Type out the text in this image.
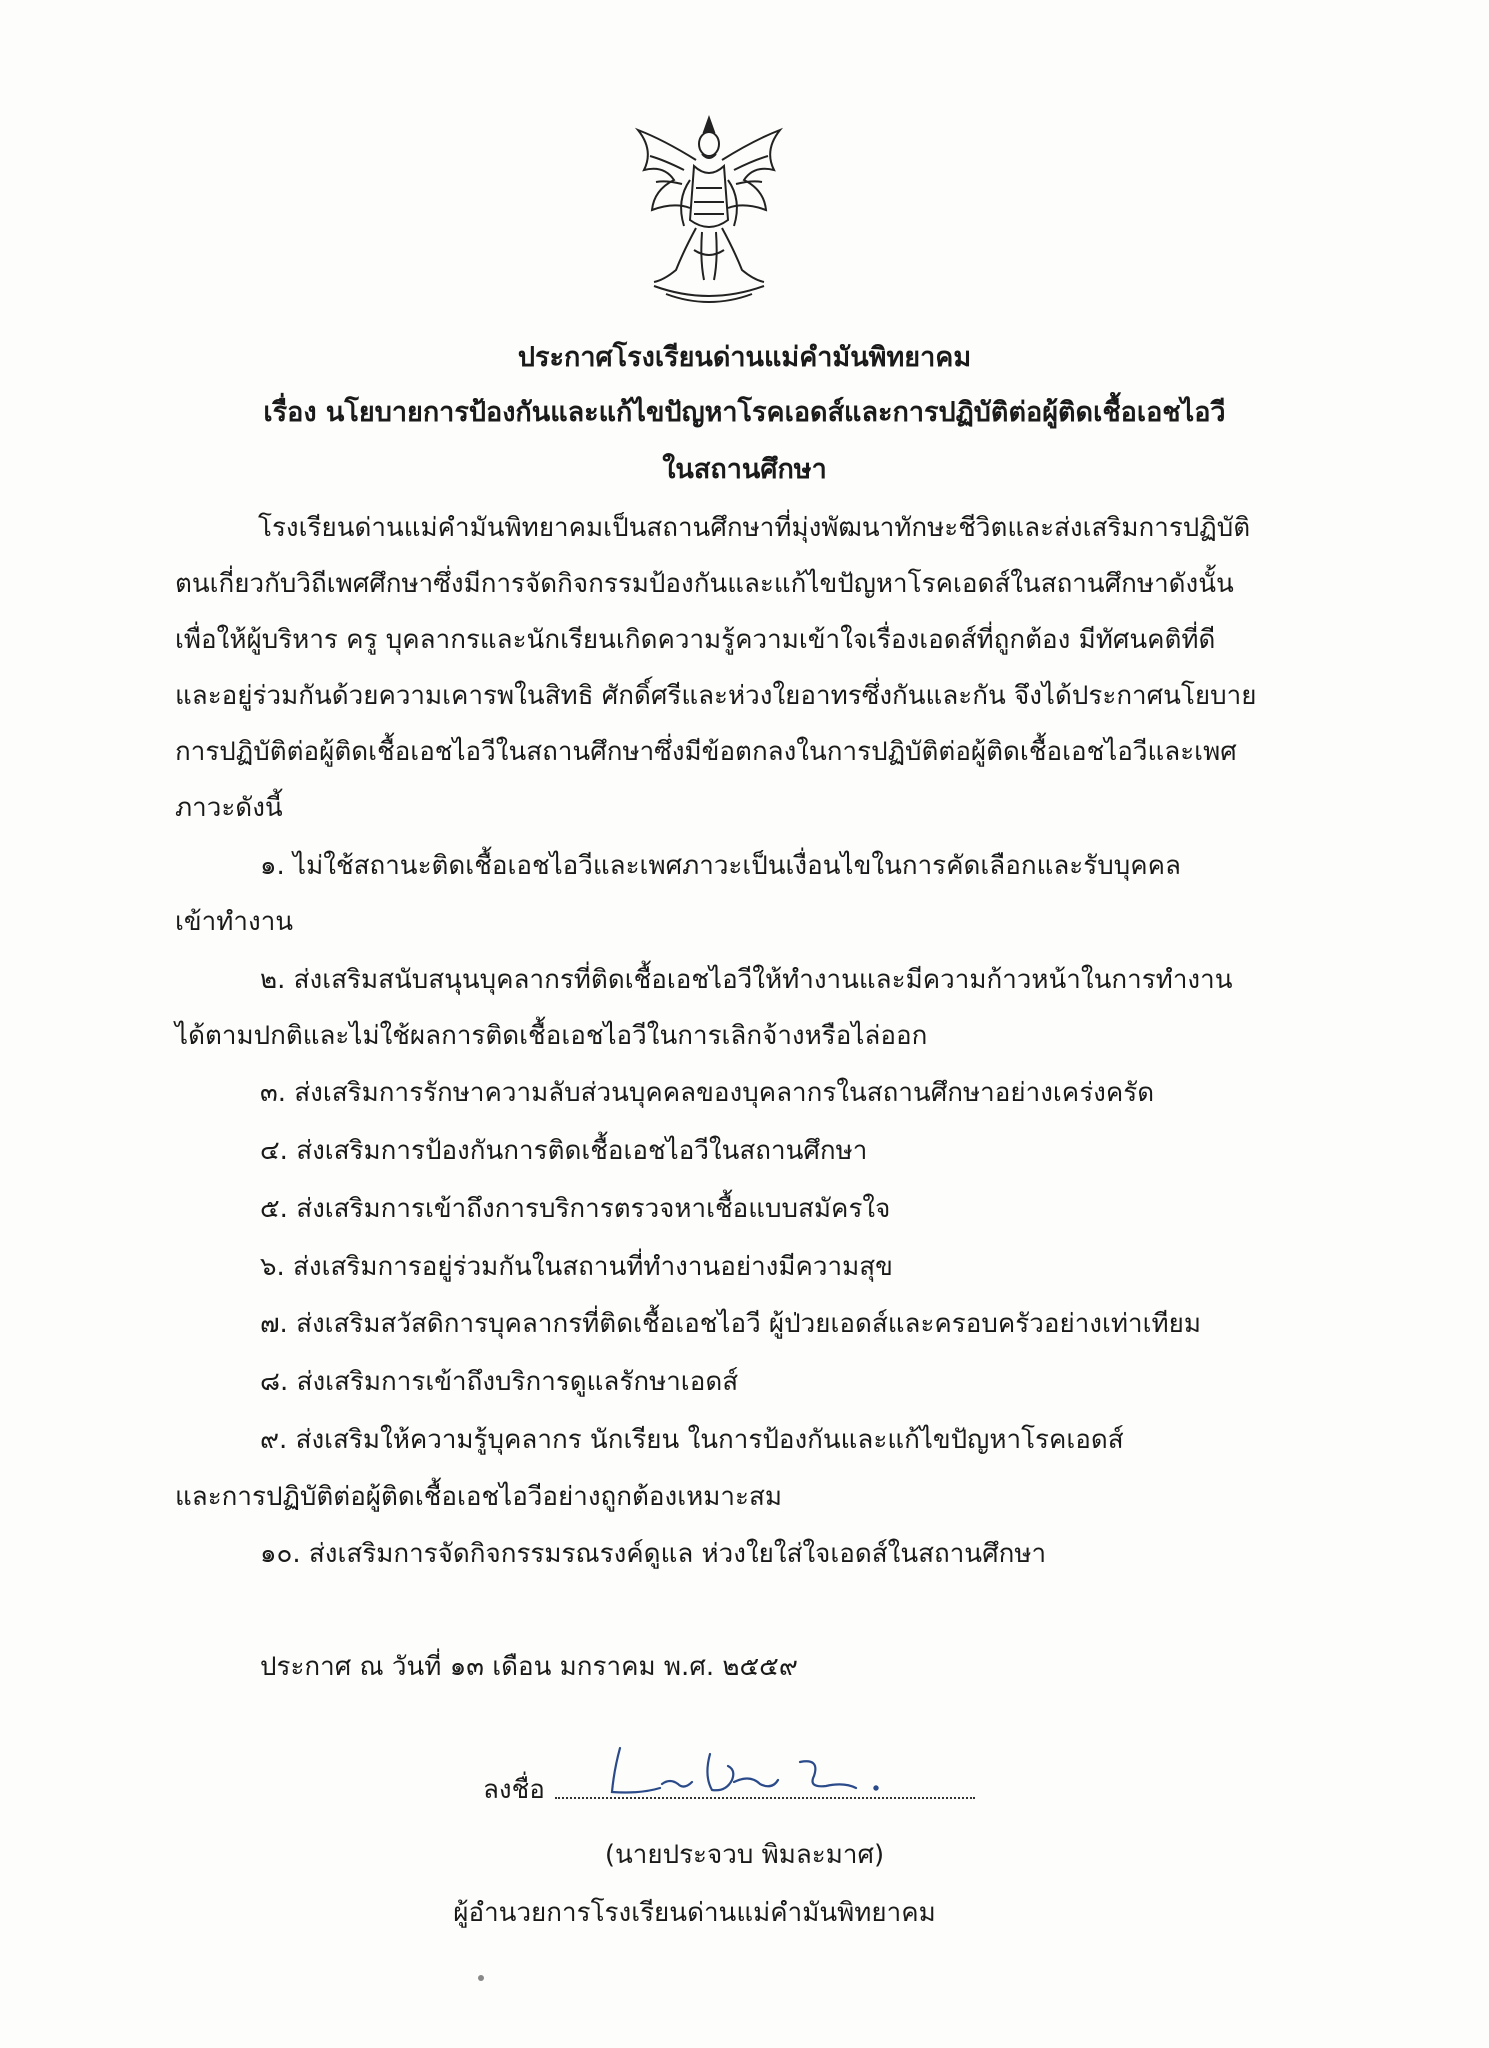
ประกาศโรงเรียนด่านแม่คำมันพิทยาคม
เรื่อง นโยบายการป้องกันและแก้ไขปัญหาโรคเอดส์และการปฏิบัติต่อผู้ติดเชื้อเอชไอวี
ในสถานศึกษา
โรงเรียนด่านแม่คำมันพิทยาคมเป็นสถานศึกษาที่มุ่งพัฒนาทักษะชีวิตและส่งเสริมการปฏิบัติ
ตนเกี่ยวกับวิถีเพศศึกษาซึ่งมีการจัดกิจกรรมป้องกันและแก้ไขปัญหาโรคเอดส์ในสถานศึกษาดังนั้น
เพื่อให้ผู้บริหาร ครู บุคลากรและนักเรียนเกิดความรู้ความเข้าใจเรื่องเอดส์ที่ถูกต้อง มีทัศนคติที่ดี
และอยู่ร่วมกันด้วยความเคารพในสิทธิ ศักดิ์ศรีและห่วงใยอาทรซึ่งกันและกัน จึงได้ประกาศนโยบาย
การปฏิบัติต่อผู้ติดเชื้อเอชไอวีในสถานศึกษาซึ่งมีข้อตกลงในการปฏิบัติต่อผู้ติดเชื้อเอชไอวีและเพศ
ภาวะดังนี้
๑. ไม่ใช้สถานะติดเชื้อเอชไอวีและเพศภาวะเป็นเงื่อนไขในการคัดเลือกและรับบุคคล
เข้าทำงาน
๒. ส่งเสริมสนับสนุนบุคลากรที่ติดเชื้อเอชไอวีให้ทำงานและมีความก้าวหน้าในการทำงาน
ได้ตามปกติและไม่ใช้ผลการติดเชื้อเอชไอวีในการเลิกจ้างหรือไล่ออก
๓. ส่งเสริมการรักษาความลับส่วนบุคคลของบุคลากรในสถานศึกษาอย่างเคร่งครัด
๔. ส่งเสริมการป้องกันการติดเชื้อเอชไอวีในสถานศึกษา
๕. ส่งเสริมการเข้าถึงการบริการตรวจหาเชื้อแบบสมัครใจ
๖. ส่งเสริมการอยู่ร่วมกันในสถานที่ทำงานอย่างมีความสุข
๗. ส่งเสริมสวัสดิการบุคลากรที่ติดเชื้อเอชไอวี ผู้ป่วยเอดส์และครอบครัวอย่างเท่าเทียม
๘. ส่งเสริมการเข้าถึงบริการดูแลรักษาเอดส์
๙. ส่งเสริมให้ความรู้บุคลากร นักเรียน ในการป้องกันและแก้ไขปัญหาโรคเอดส์
และการปฏิบัติต่อผู้ติดเชื้อเอชไอวีอย่างถูกต้องเหมาะสม
๑๐. ส่งเสริมการจัดกิจกรรมรณรงค์ดูแล ห่วงใยใส่ใจเอดส์ในสถานศึกษา
ประกาศ ณ วันที่ ๑๓ เดือน มกราคม พ.ศ. ๒๕๕๙
ลงชื่อ
(นายประจวบ พิมละมาศ)
ผู้อำนวยการโรงเรียนด่านแม่คำมันพิทยาคม
